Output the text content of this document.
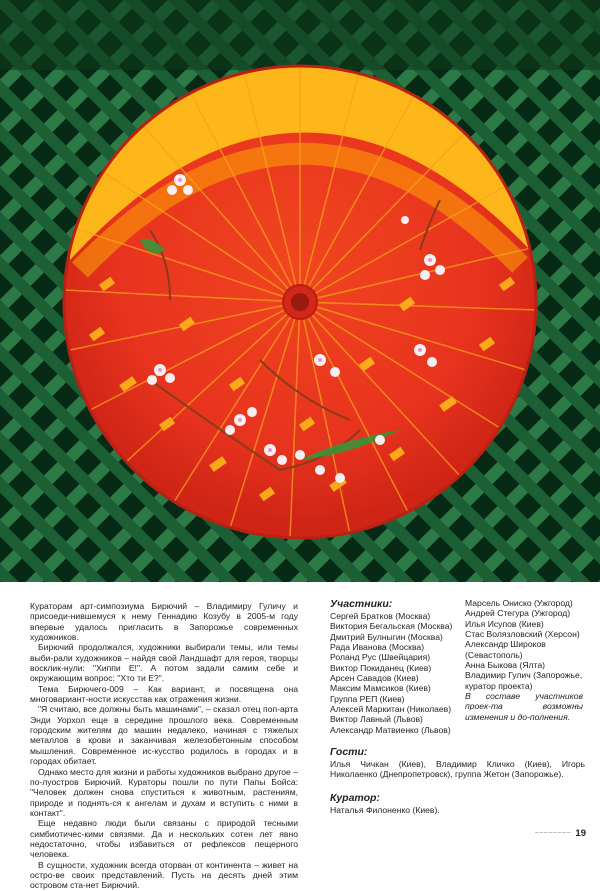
Кураторам арт-симпозиума Бирючий – Владимиру Гуличу и присоеди-нившемуся к нему Геннадию Козубу в 2005-м году впервые удалось пригласить в Запорожье современных художников.

Бирючий продолжался, художники выбирали темы, или темы выби-рали художников – найдя свой Ландшафт для героя, творцы восклик-нули: "Хиппи Е!". А потом задали самим себе и окружающим вопрос: "Хто ти Е?".

Тема Бирючего-009 – Как вариант, и посвящена она многовариант-ности искусства как отражения жизни.

"Я считаю, все должны быть машинами", – сказал отец поп-арта Энди Уорхол еще в середине прошлого века. Современным городским жителям до машин недалеко, начиная с тяжелых металлов в крови и заканчивая железобетонным способом мышления. Современное ис-кусство родилось в городах и в городах обитает.

Однако место для жизни и работы художников выбрано другое – по-луостров Бирючий. Кураторы пошли по пути Папы Бойса: "Человек должен снова спуститься к животным, растениям, природе и поднять-ся к ангелам и духам и вступить с ними в контакт".

Еще недавно люди были связаны с природой тесными симбиотичес-кими связями. Да и нескольких сотен лет явно недостаточно, чтобы избавиться от рефлексов пещерного человека.

В сущности, художник всегда оторван от континента – живет на остро-ве своих представлений. Пусть на десять дней этим островом ста-нет Бирючий.

Участники:
Сергей Братков (Москва)
Виктория Бегальская (Москва)
Дмитрий Булныгин (Москва)
Рада Иванова (Москва)
Роланд Рус (Швейцария)
Виктор Покиданец (Киев)
Арсен Савадов (Киев)
Максим Мамсиков (Киев)
Группа РЕП (Киев)
Алексей Маркитан (Николаев)
Виктор Лавный (Львов)
Александр Матвиенко (Львов)
Марсель Ониско (Ужгород)
Андрей Стегура (Ужгород)
Илья Исупов (Киев)
Стас Волязловский (Херсон)
Александр Широков
(Севастополь)
Анна Быкова (Ялта)
Владимир Гулич (Запорожье,
куратор проекта)

В составе участников проек-та возможны изменения и до-полнения.

Гости:

Илья Чичкан (Киев), Владимир Кличко (Киев), Игорь Николаенко (Днепропетровск), группа Жетон (Запорожье).

Куратор:

Наталья Филоненко (Киев).

──────── 19
